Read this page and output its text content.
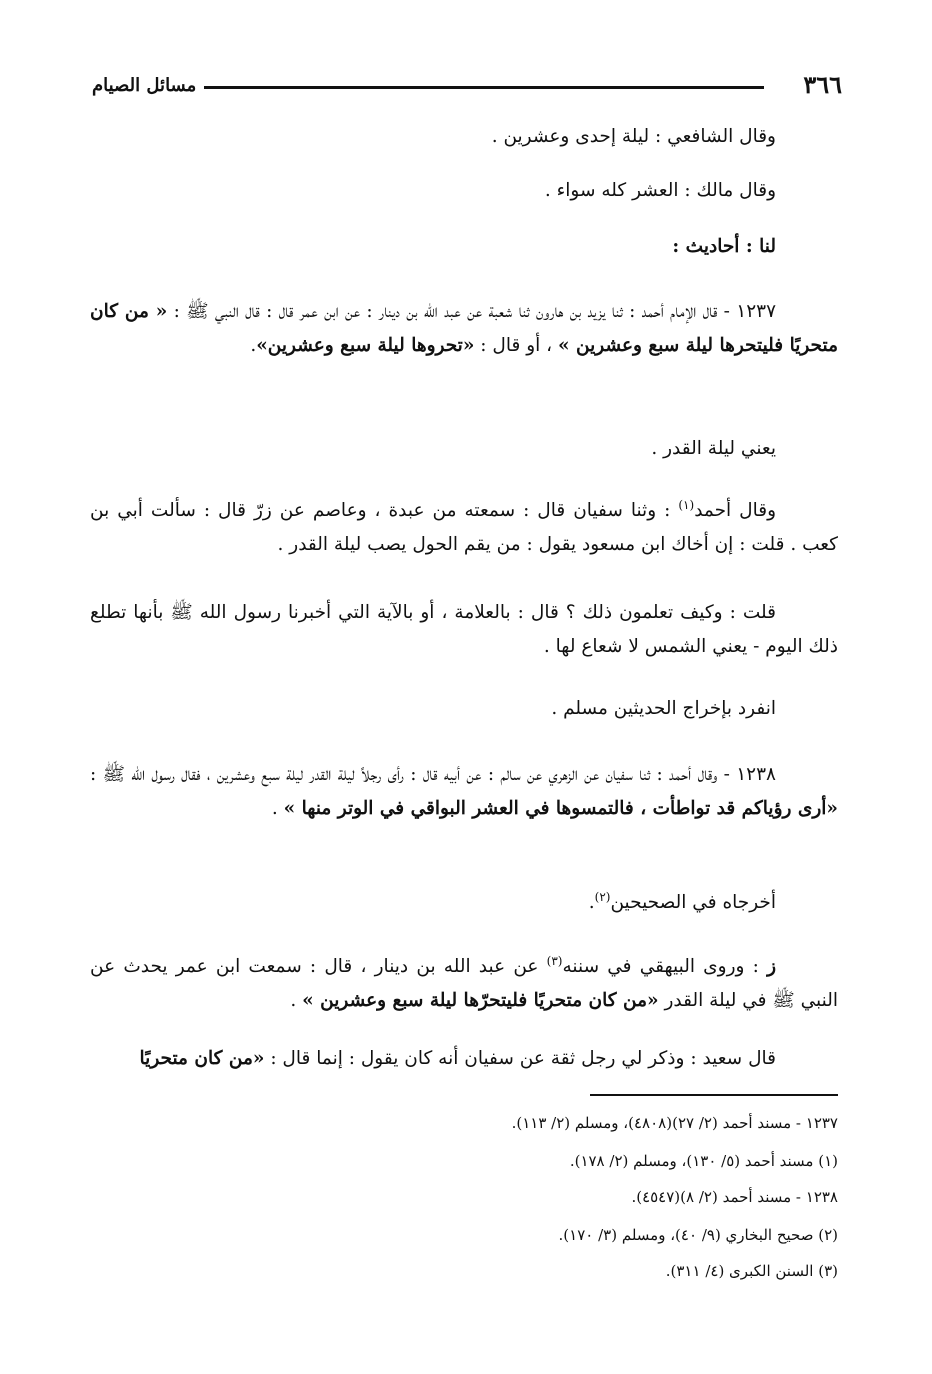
٣٦٦
مسائل الصيام
وقال الشافعي : ليلة إحدى وعشرين .
وقال مالك : العشر كله سواء .
لنا : أحاديث :
١٢٣٧ - قال الإمام أحمد : ثنا يزيد بن هارون ثنا شعبة عن عبد الله بن دينار : عن ابن عمر قال : قال النبي ﷺ : « من كان متحريًا فليتحرها ليلة سبع وعشرين » ، أو قال : «تحروها ليلة سبع وعشرين».
يعني ليلة القدر .
وقال أحمد$^{(١)}$ : وثنا سفيان قال : سمعته من عبدة ، وعاصم عن زرّ قال : سألت أبي بن كعب . قلت : إن أخاك ابن مسعود يقول : من يقم الحول يصب ليلة القدر .
قلت : وكيف تعلمون ذلك ؟ قال : بالعلامة ، أو بالآية التي أخبرنا رسول الله ﷺ بأنها تطلع ذلك اليوم - يعني الشمس لا شعاع لها .
انفرد بإخراج الحديثين مسلم .
١٢٣٨ - وقال أحمد : ثنا سفيان عن الزهري عن سالم : عن أبيه قال : رأى رجلاً ليلة القدر ليلة سبع وعشرين ، فقال رسول الله ﷺ : «أرى رؤياكم قد تواطأت ، فالتمسوها في العشر البواقي في الوتر منها » .
أخرجاه في الصحيحين$^{(٢)}$.
ز : وروى البيهقي في سننه$^{(٣)}$ عن عبد الله بن دينار ، قال : سمعت ابن عمر يحدث عن النبي ﷺ في ليلة القدر «من كان متحريًا فليتحرّها ليلة سبع وعشرين » .
قال سعيد : وذكر لي رجل ثقة عن سفيان أنه كان يقول : إنما قال : «من كان متحريًا
١٢٣٧ - مسند أحمد (٢/ ٢٧)(٤٨٠٨)، ومسلم (٢/ ١١٣).
(١) مسند أحمد (٥/ ١٣٠)، ومسلم (٢/ ١٧٨).
١٢٣٨ - مسند أحمد (٢/ ٨)(٤٥٤٧).
(٢) صحيح البخاري (٩/ ٤٠)، ومسلم (٣/ ١٧٠).
(٣) السنن الكبرى (٤/ ٣١١).
